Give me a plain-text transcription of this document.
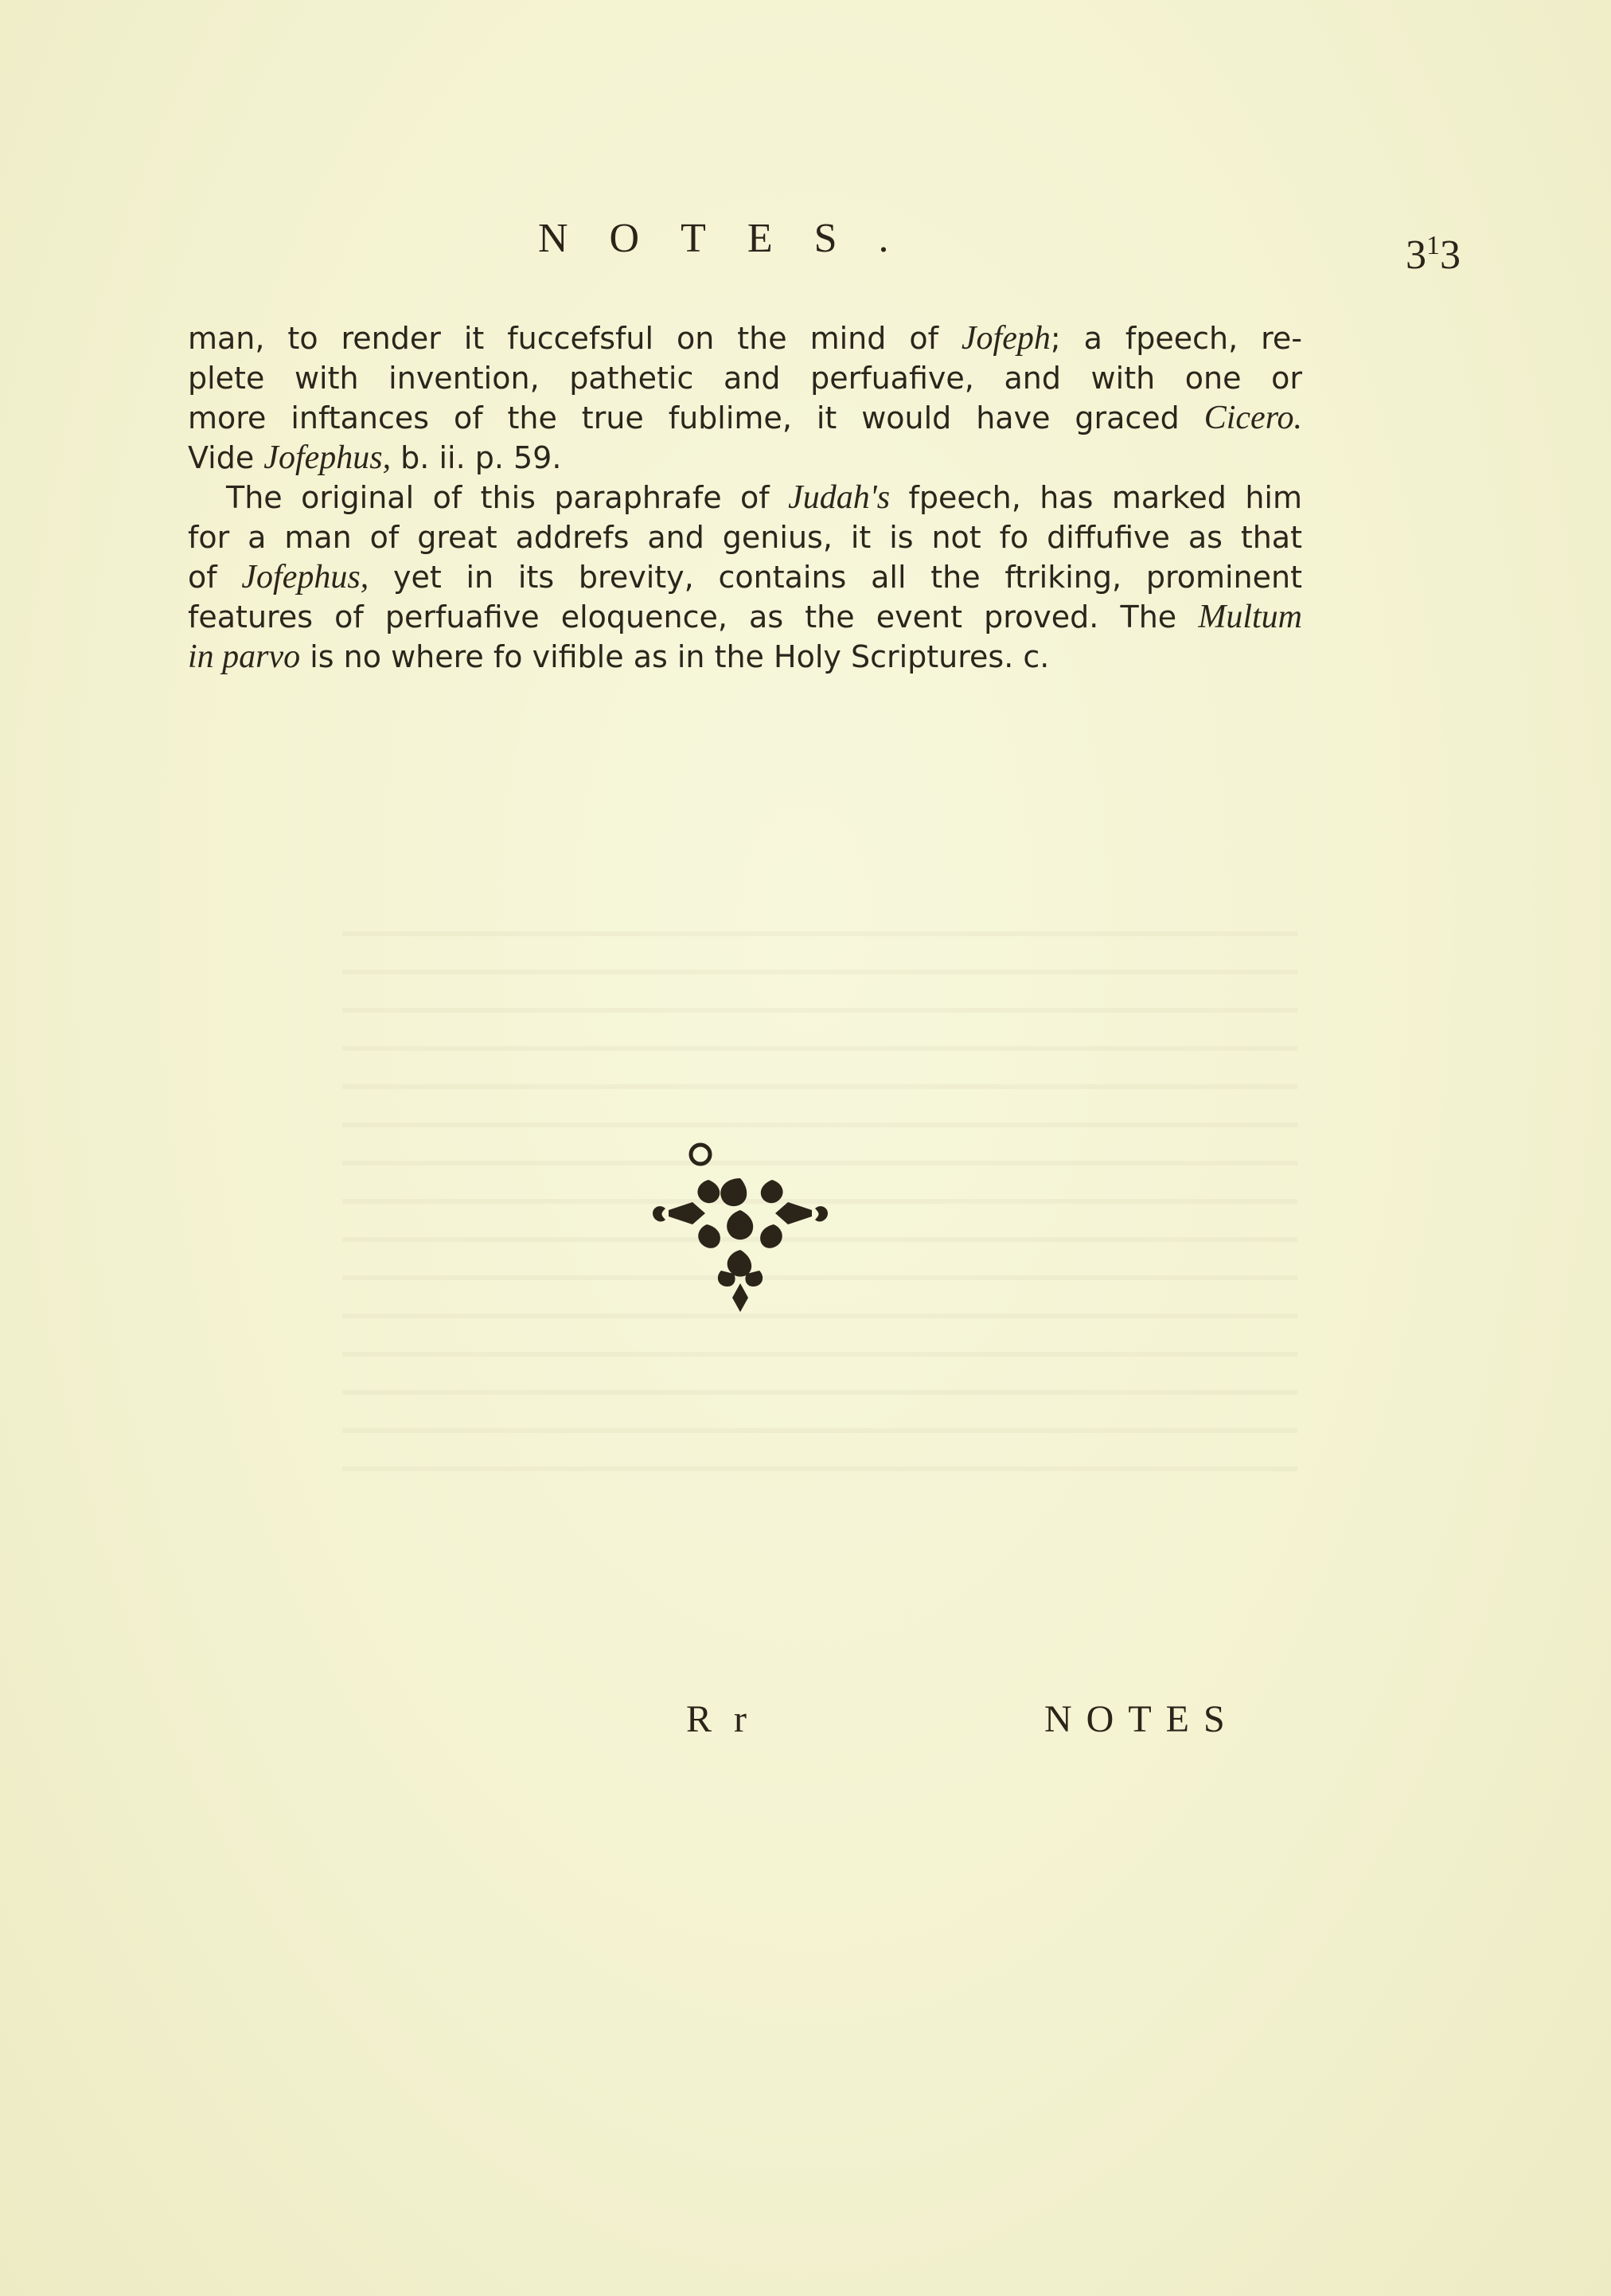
NOTES.	$3^13$

man, to render it fuccefsful on the mind of Jofeph; a fpeech, re-

plete with invention, pathetic and perfuafive, and with one or

more inftances of the true fublime, it would have graced Cicero.

Vide Jofephus, b. ii. p. 59.

The original of this paraphrafe of Judah's fpeech, has marked him

for a man of great addrefs and genius, it is not fo diffufive as that

of Jofephus, yet in its brevity, contains all the ftriking, prominent

features of perfuafive eloquence, as the event proved. The Multum

in parvo is no where fo vifible as in the Holy Scriptures. c.

R r	NOTES
